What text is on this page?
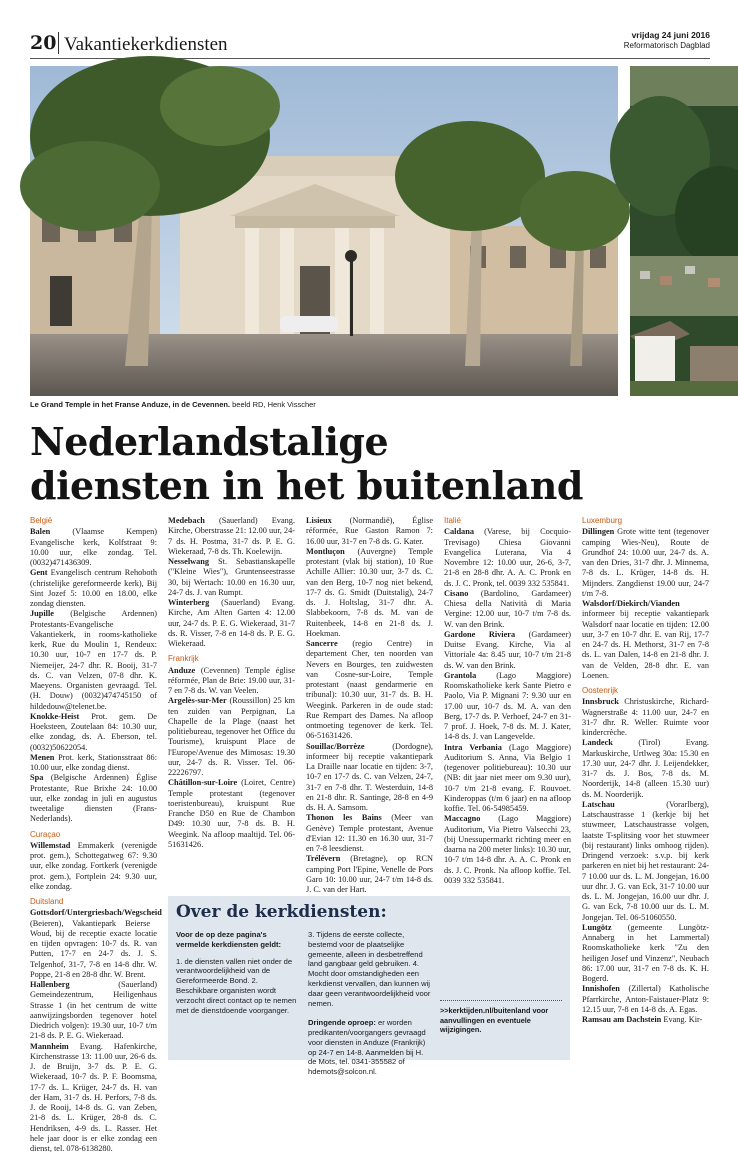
20 Vakantiekerkdiensten	vrijdag 24 juni 2016
Reformatorisch Dagblad
Le Grand Temple in het Franse Anduze, in de Cevennen. beeld RD, Henk Visscher
Nederlandstalige
diensten in het buitenland
België

Balen (Vlaamse Kempen) Evangelische kerk, Kolfstraat 9: 10.00 uur, elke zondag. Tel. (0032)471436309.

Gent Evangelisch centrum Rehoboth (christelijke gereformeerde kerk), Bij Sint Jozef 5: 10.00 en 18.00, elke zondag diensten.

Jupille (Belgische Ardennen) Protestants-Evangelische Vakantiekerk, in rooms-katholieke kerk, Rue du Moulin 1, Rendeux: 10.30 uur, 10-7 en 17-7 ds. P. Niemeijer, 24-7 dhr. R. Booij, 31-7 ds. C. van Velzen, 07-8 dhr. K. Maeyens. Organisten gevraagd. Tel. (H. Douw) (0032)474745150 of hildedouw@telenet.be.

Knokke-Heist Prot. gem. De Hoeksteen, Zoutelaan 84: 10.30 uur, elke zondag, ds. A. Eberson, tel. (0032)50622054.

Menen Prot. kerk, Stationsstraat 86: 10.00 uur, elke zondag dienst.

Spa (Belgische Ardennen) Église Protestante, Rue Brixhe 24: 10.00 uur, elke zondag in juli en augustus tweetalige diensten (Frans-Nederlands).

Curaçao

Willemstad Emmakerk (verenigde prot. gem.), Schottegatweg 67: 9.30 uur, elke zondag. Fortkerk (verenigde prot. gem.), Fortplein 24: 9.30 uur, elke zondag.

Duitsland

Gottsdorf/Untergriesbach/Wegscheid (Beieren), Vakantiepark Beierse Woud, bij de receptie exacte locatie en tijden opvragen: 10-7 ds. R. van Putten, 17-7 en 24-7 ds. J. S. Telgenhof, 31-7, 7-8 en 14-8 dhr. W. Poppe, 21-8 en 28-8 dhr. W. Brent.

Hallenberg (Sauerland) Gemeindezentrum, Heiligenhaus Strasse 1 (in het centrum de witte aanwijzingsborden tegenover hotel Diedrich volgen): 19.30 uur, 10-7 t/m 21-8 ds. P. E. G. Wiekeraad.

Mannheim Evang. Hafenkirche, Kirchenstrasse 13: 11.00 uur, 26-6 ds. J. de Bruijn, 3-7 ds. P. E. G. Wiekeraad, 10-7 ds. P. F. Boomsma, 17-7 ds. L. Krüger, 24-7 ds. H. van der Ham, 31-7 ds. H. Perfors, 7-8 ds. J. de Rooij, 14-8 ds. G. van Zeben, 21-8 ds. L. Krüger, 28-8 ds. C. Hendriksen, 4-9 ds. L. Rasser. Het hele jaar door is er elke zondag een dienst, tel. 078-6138280.

Medebach (Sauerland) Evang. Kirche, Oberstrasse 21: 12.00 uur, 24-7 ds. H. Postma, 31-7 ds. P. E. G. Wiekeraad, 7-8 ds. Th. Koelewijn.

Nesselwang St. Sebastianskapelle ("Kleine Wies"), Gruntenseestrasse 30, bij Wertach: 10.00 en 16.30 uur, 24-7 ds. J. van Rumpt.

Winterberg (Sauerland) Evang. Kirche, Am Alten Garten 4: 12.00 uur, 24-7 ds. P. E. G. Wiekeraad, 31-7 ds. R. Visser, 7-8 en 14-8 ds. P. E. G. Wiekeraad.

Frankrijk

Anduze (Cevennen) Temple église réformée, Plan de Brie: 19.00 uur, 31-7 en 7-8 ds. W. van Veelen.

Argelès-sur-Mer (Roussillon) 25 km ten zuiden van Perpignan, La Chapelle de la Plage (naast het politiebureau, tegenover het Office du Tourisme), kruispunt Place de l'Europe/Avenue des Mimosas: 19.30 uur, 24-7 ds. R. Visser. Tel. 06-22226797.

Châtillon-sur-Loire (Loiret, Centre) Temple protestant (tegenover toeristenbureau), kruispunt Rue Franche D50 en Rue de Chambon D49: 10.30 uur, 7-8 ds. B. H. Weegink. Na afloop maaltijd. Tel. 06-51631426.

Lisieux (Normandië), Église réformée, Rue Gaston Ramon 7: 16.00 uur, 31-7 en 7-8 ds. G. Kater.

Montluçon (Auvergne) Temple protestant (vlak bij station), 10 Rue Achille Allier: 10.30 uur, 3-7 ds. C. van den Berg, 10-7 nog niet bekend, 17-7 ds. G. Smidt (Duitstalig), 24-7 ds. J. Holtslag, 31-7 dhr. A. Slabbekoorn, 7-8 ds. M. van de Ruitenbeek, 14-8 en 21-8 ds. J. Hoekman.

Sancerre (regio Centre) in departement Cher, ten noorden van Nevers en Bourges, ten zuidwesten van Cosne-sur-Loire, Temple protestant (naast gendarmerie en tribunal): 10.30 uur, 31-7 ds. B. H. Weegink. Parkeren in de oude stad: Rue Rempart des Dames. Na afloop ontmoeting tegenover de kerk. Tel. 06-51631426.

Souillac/Borrèze (Dordogne), informeer bij receptie vakantiepark La Draille naar locatie en tijden: 3-7, 10-7 en 17-7 ds. C. van Velzen, 24-7, 31-7 en 7-8 dhr. T. Westerduin, 14-8 en 21-8 dhr. R. Santinge, 28-8 en 4-9 ds. H. A. Samsom.

Thonon les Bains (Meer van Genève) Temple protestant, Avenue d'Evian 12: 11.30 en 16.30 uur, 31-7 en 7-8 leesdienst.

Trélévern (Bretagne), op RCN camping Port l'Epine, Venelle de Pors Garo 10: 10.00 uur, 24-7 t/m 14-8 ds. J. C. van der Hart.

Italië

Caldana (Varese, bij Cocquio-Trevisago) Chiesa Giovanni Evangelica Luterana, Via 4 Novembre 12: 10.00 uur, 26-6, 3-7, 21-8 en 28-8 dhr. A. A. C. Pronk en ds. J. C. Pronk, tel. 0039 332 535841.

Cisano (Bardolino, Gardameer) Chiesa della Natività di Maria Vergine: 12.00 uur, 10-7 t/m 7-8 ds. W. van den Brink.

Gardone Riviera (Gardameer) Duitse Evang. Kirche, Via al Vittoriale 4a: 8.45 uur, 10-7 t/m 21-8 ds. W. van den Brink.

Grantola (Lago Maggiore) Roomskatholieke kerk Sante Pietro e Paolo, Via P. Mignani 7: 9.30 uur en 17.00 uur, 10-7 ds. M. A. van den Berg, 17-7 ds. P. Verhoef, 24-7 en 31-7 prof. J. Hoek, 7-8 ds. M. J. Kater, 14-8 ds. J. van Langevelde.

Intra Verbania (Lago Maggiore) Auditorium S. Anna, Via Belgio 1 (tegenover politiebureau): 10.30 uur (NB: dit jaar niet meer om 9.30 uur), 10-7 t/m 21-8 evang. F. Rouvoet. Kinderoppas (t/m 6 jaar) en na afloop koffie. Tel. 06-54985459.

Maccagno (Lago Maggiore) Auditorium, Via Pietro Valsecchi 23, (bij Unessupermarkt richting meer en daarna na 200 meter links): 10.30 uur, 10-7 t/m 14-8 dhr. A. A. C. Pronk en ds. J. C. Pronk. Na afloop koffie. Tel. 0039 332 535841.

Luxemburg

Dillingen Grote witte tent (tegenover camping Wies-Neu), Route de Grundhof 24: 10.00 uur, 24-7 ds. A. van den Dries, 31-7 dhr. J. Minnema, 7-8 ds. L. Krüger, 14-8 ds. H. Mijnders. Zangdienst 19.00 uur, 24-7 t/m 7-8.

Walsdorf/Diekirch/Vianden informeer bij receptie vakantiepark Walsdorf naar locatie en tijden: 12.00 uur, 3-7 en 10-7 dhr. E. van Rij, 17-7 en 24-7 ds. H. Methorst, 31-7 en 7-8 ds. L. van Dalen, 14-8 en 21-8 dhr. J. van de Velden, 28-8 dhr. E. van Loenen.

Oostenrijk

Innsbruck Christuskirche, Richard-Wagnerstraße 4: 11.00 uur, 24-7 en 31-7 dhr. R. Weller. Ruimte voor kindercrèche.

Landeck (Tirol) Evang. Markuskirche, Urtlweg 30a: 15.30 en 17.30 uur, 24-7 dhr. J. Leijendekker, 31-7 ds. J. Bos, 7-8 ds. M. Noorderijk, 14-8 (alleen 15.30 uur) ds. M. Noorderijk.

Latschau (Vorarlberg), Latschaustrasse 1 (kerkje bij het stuwmeer, Latschaustrasse volgen, laatste T-splitsing voor het stuwmeer (bij restaurant) links omhoog rijden). Dringend verzoek: s.v.p. bij kerk parkeren en niet bij het restaurant: 24-7 10.00 uur ds. L. M. Jongejan, 16.00 uur dhr. J. G. van Eck, 31-7 10.00 uur ds. L. M. Jongejan, 16.00 uur dhr. J. G. van Eck, 7-8 10.00 uur ds. L. M. Jongejan. Tel. 06-51060550.

Lungötz (gemeente Lungötz-Annaberg in het Lammertal) Roomskatholieke kerk "Zu den heiligen Josef und Vinzenz", Neubach 86: 17.00 uur, 31-7 en 7-8 ds. K. H. Bogerd.

Innishofen (Zillertal) Katholische Pfarrkirche, Anton-Faistauer-Platz 9: 12.15 uur, 7-8 en 14-8 ds. A. Egas.

Ramsau am Dachstein Evang. Kir-

Over de kerkdiensten:
Voor de op deze pagina's vermelde kerkdiensten geldt:
1. de diensten vallen niet onder de verantwoordelijkheid van de Gereformeerde Bond. 2. Beschikbare organisten wordt verzocht direct contact op te nemen met de dienstdoende voorganger.
3. Tijdens de eerste collecte, bestemd voor de plaatselijke gemeente, alleen in desbetreffend land gangbaar geld gebruiken. 4. Mocht door omstandigheden een kerkdienst vervallen, dan kunnen wij daar geen verantwoordelijkheid voor nemen.

Dringende oproep: er worden predikanten/voorgangers gevraagd voor diensten in Anduze (Frankrijk) op 24-7 en 14-8. Aanmelden bij H. de Mots, tel. 0341-355582 of hdemots@solcon.nl.
>>kerktijden.nl/buitenland voor aanvullingen en eventuele wijzigingen.
